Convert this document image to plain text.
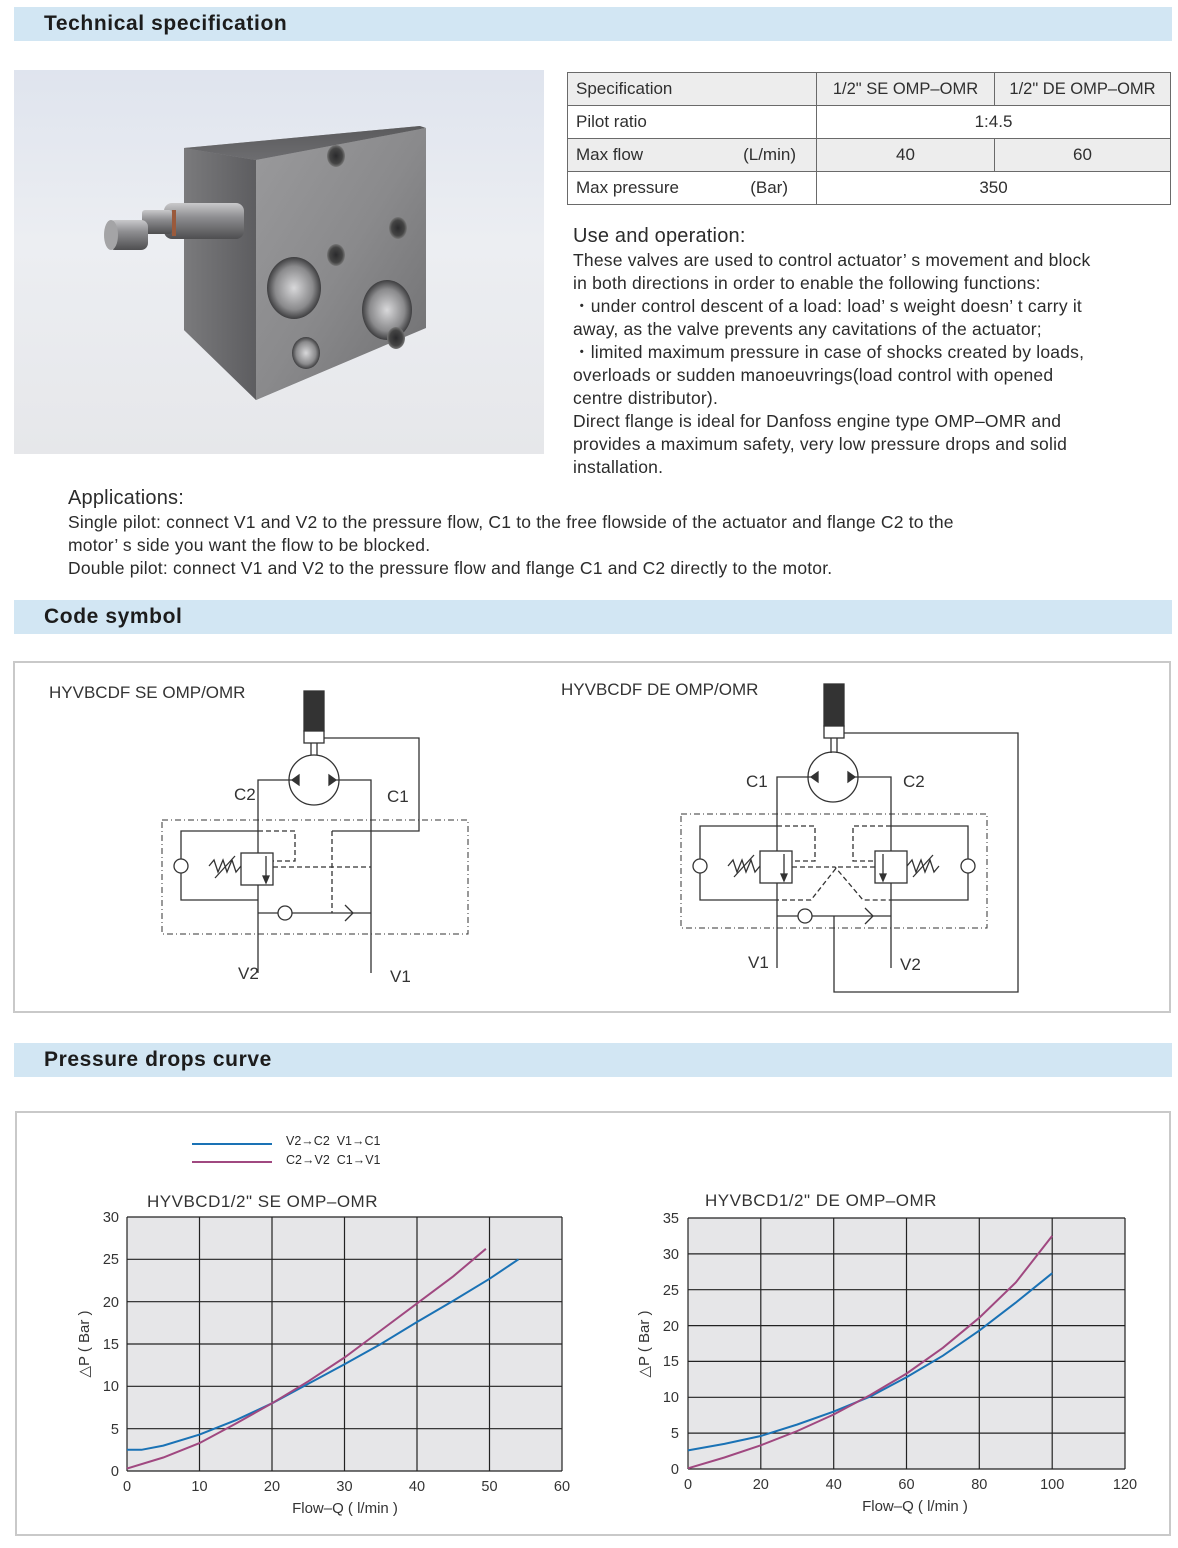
Technical specification
Specification	1/2" SE OMP–OMR	1/2" DE OMP–OMR
Pilot ratio	1:4.5	

Max flow (L/min)	40	60

Max pressure (Bar)	350	
Use and operation:
These valves are used to control actuator’ s movement and block
in both directions in order to enable the following functions:
・under control descent of a load: load’ s weight doesn’ t carry it
away, as the valve prevents any cavitations of the actuator;
・limited maximum pressure in case of shocks created by loads,
overloads or sudden manoeuvrings(load control with opened
centre distributor).
Direct flange is ideal for Danfoss engine type OMP–OMR and
provides a maximum safety, very low pressure drops and solid
installation.
Applications:
Single pilot: connect V1 and V2 to the pressure flow, C1 to the free flowside of the actuator and flange C2 to the
motor’ s side you want the flow to be blocked.
Double pilot: connect V1 and V2 to the pressure flow and flange C1 and C2 directly to the motor.
Code symbol
HYVBCDF SE OMP/OMR	HYVBCDF DE OMP/OMR
C2	C1
V2	V1
C1	C2
V1	V2
Pressure drops curve
V2→C2  V1→C1
C2→V2  C1→V1
HYVBCD1/2" SE OMP–OMR
0
5
10
15
20
25
30
0	10	20	30	40	50	60
Flow–Q ( l/min )
△P ( Bar )
HYVBCD1/2" DE OMP–OMR
0
5
10
15
20
25
30
35
0	20	40	60	80	100	120
Flow–Q ( l/min )
△P ( Bar )
